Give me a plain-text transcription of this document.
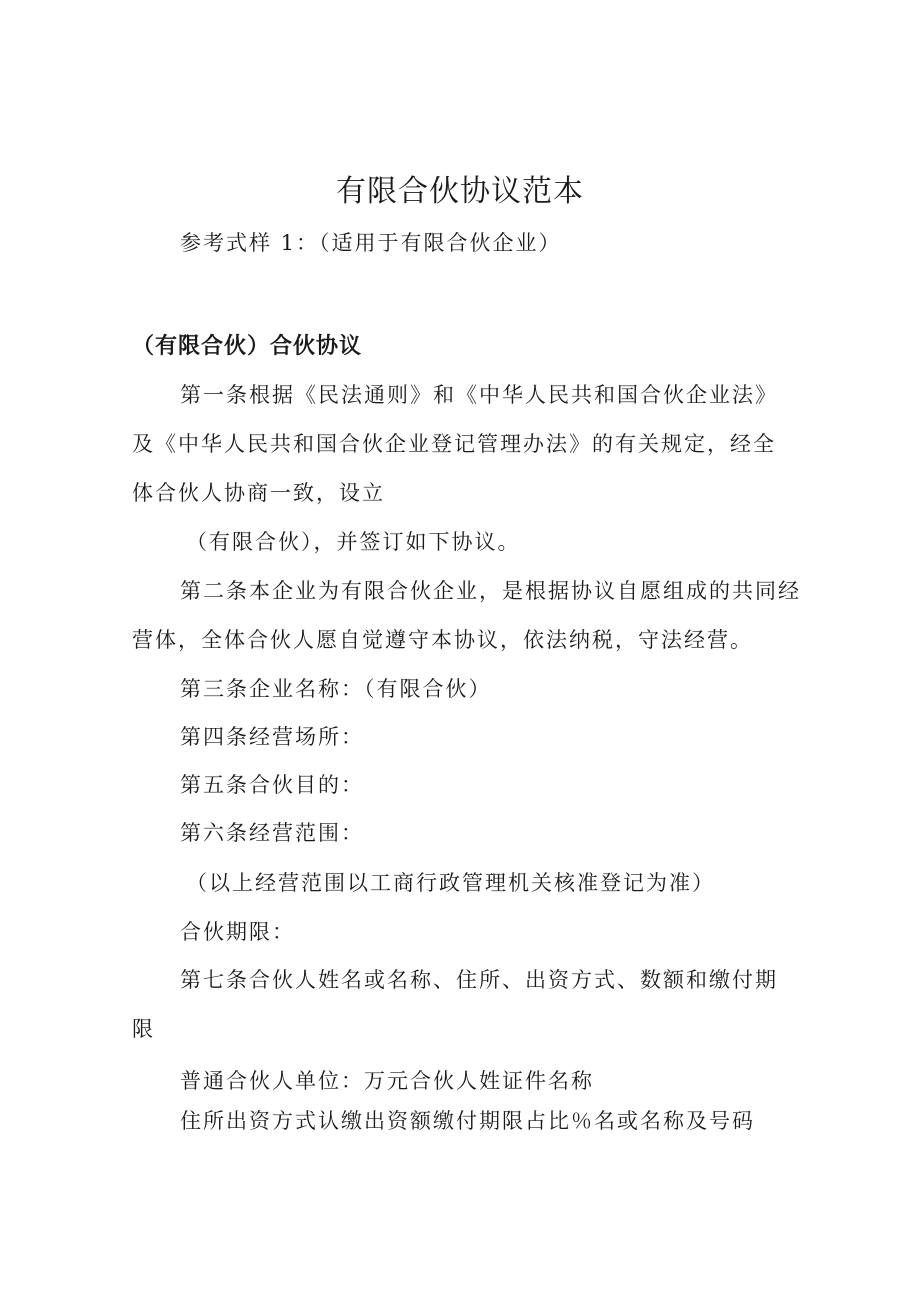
有限合伙协议范本
参考式样 1：（适用于有限合伙企业）
（有限合伙）合伙协议
第一条根据《民法通则》和《中华人民共和国合伙企业法》
及《中华人民共和国合伙企业登记管理办法》的有关规定，经全
体合伙人协商一致，设立
（有限合伙），并签订如下协议。
第二条本企业为有限合伙企业，是根据协议自愿组成的共同经
营体，全体合伙人愿自觉遵守本协议，依法纳税，守法经营。
第三条企业名称：（有限合伙）
第四条经营场所：
第五条合伙目的：
第六条经营范围：
（以上经营范围以工商行政管理机关核准登记为准）
合伙期限：
第七条合伙人姓名或名称、住所、出资方式、数额和缴付期
限
普通合伙人单位：万元合伙人姓证件名称
住所出资方式认缴出资额缴付期限占比％名或名称及号码
